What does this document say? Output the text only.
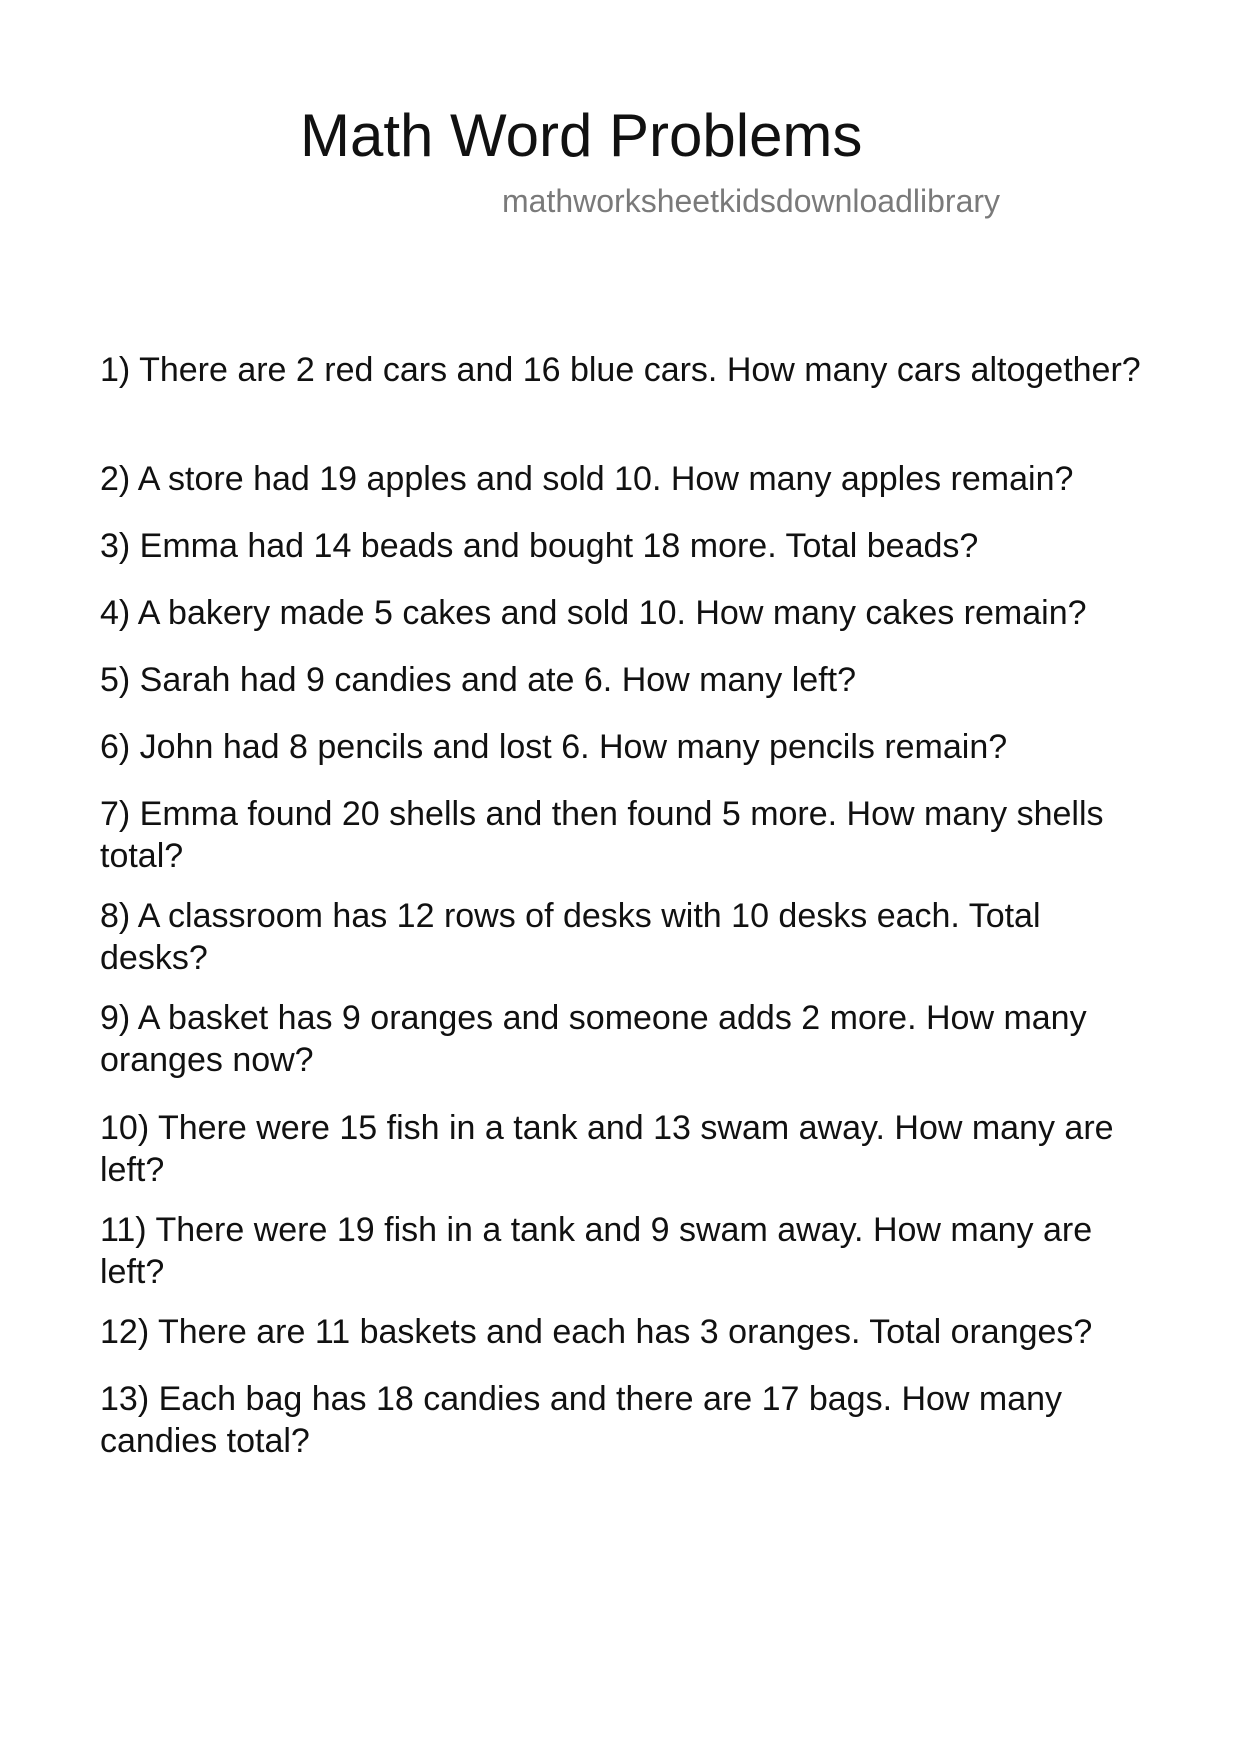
Math Word Problems
mathworksheetkidsdownloadlibrary
1) There are 2 red cars and 16 blue cars. How many cars altogether?
2) A store had 19 apples and sold 10. How many apples remain?
3) Emma had 14 beads and bought 18 more. Total beads?
4) A bakery made 5 cakes and sold 10. How many cakes remain?
5) Sarah had 9 candies and ate 6. How many left?
6) John had 8 pencils and lost 6. How many pencils remain?
7) Emma found 20 shells and then found 5 more. How many shells total?
8) A classroom has 12 rows of desks with 10 desks each. Total desks?
9) A basket has 9 oranges and someone adds 2 more. How many oranges now?
10) There were 15 fish in a tank and 13 swam away. How many are left?
11) There were 19 fish in a tank and 9 swam away. How many are left?
12) There are 11 baskets and each has 3 oranges. Total oranges?
13) Each bag has 18 candies and there are 17 bags. How many candies total?
